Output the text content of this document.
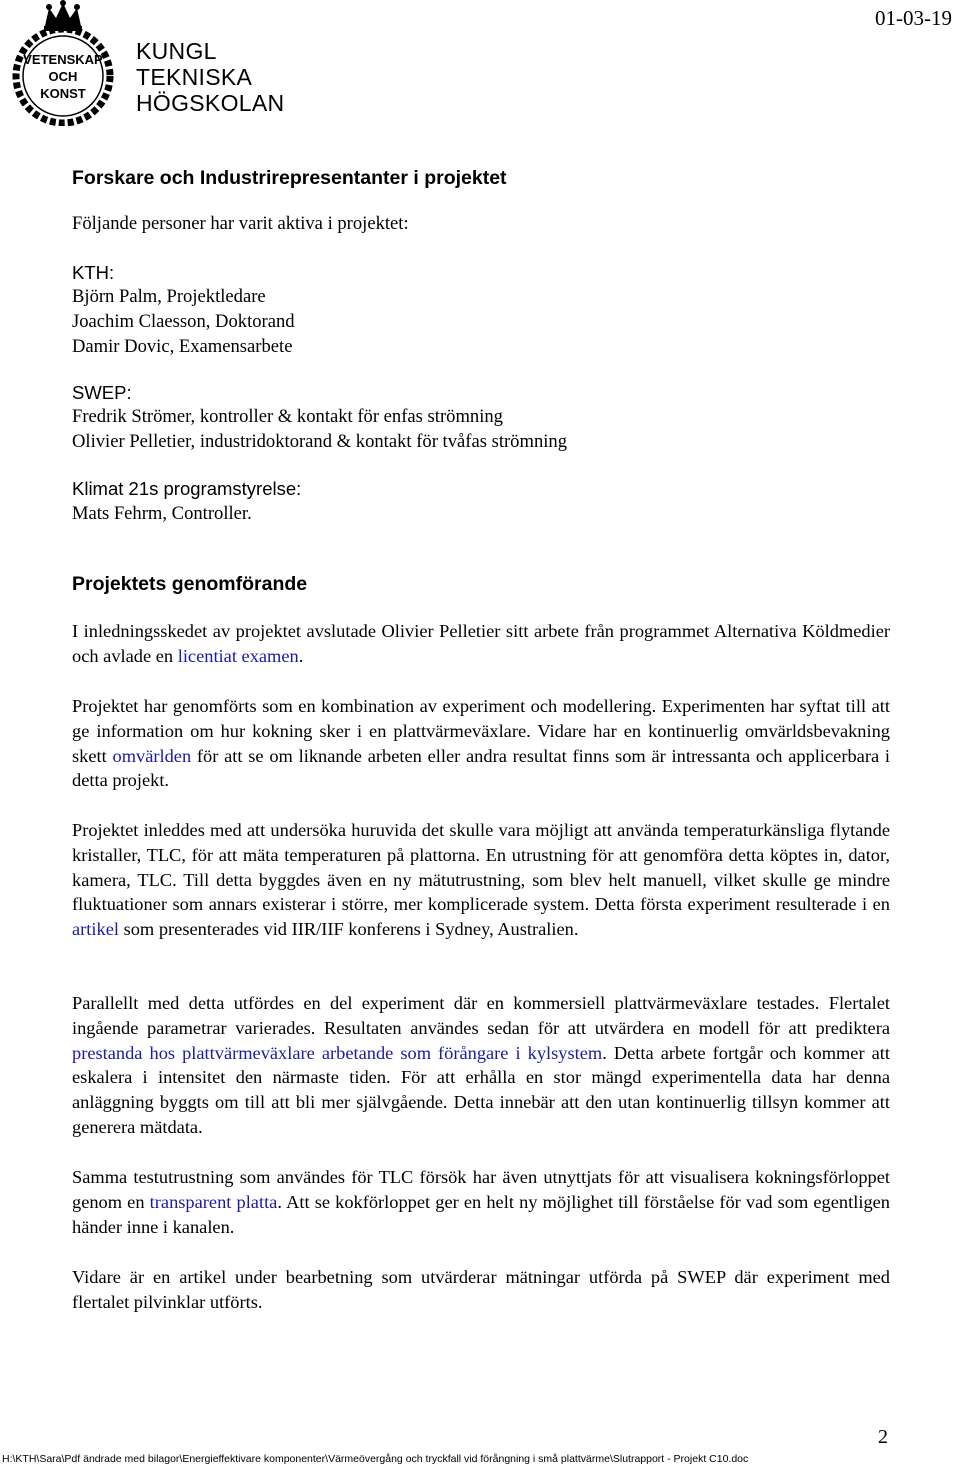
VETENSKAP
OCH
KONST
KUNGL
TEKNISKA
HÖGSKOLAN
01-03-19
Forskare och Industrirepresentanter i projektet
Följande personer har varit aktiva i projektet:
KTH:
Björn Palm, Projektledare
Joachim Claesson, Doktorand
Damir Dovic, Examensarbete
SWEP:
Fredrik Strömer, kontroller & kontakt för enfas strömning
Olivier Pelletier, industridoktorand & kontakt för tvåfas strömning
Klimat 21s programstyrelse:
Mats Fehrm, Controller.
Projektets genomförande
I inledningsskedet av projektet avslutade Olivier Pelletier sitt arbete från programmet Alternativa Köldmedier och avlade en licentiat examen.
Projektet har genomförts som en kombination av experiment och modellering. Experimenten har syftat till att ge information om hur kokning sker i en plattvärmeväxlare. Vidare har en kontinuerlig omvärldsbevakning skett omvärlden för att se om liknande arbeten eller andra resultat finns som är intressanta och applicerbara i detta projekt.
Projektet inleddes med att undersöka huruvida det skulle vara möjligt att använda temperaturkänsliga flytande kristaller, TLC, för att mäta temperaturen på plattorna. En utrustning för att genomföra detta köptes in, dator, kamera, TLC. Till detta byggdes även en ny mätutrustning, som blev helt manuell, vilket skulle ge mindre fluktuationer som annars existerar i större, mer komplicerade system. Detta första experiment resulterade i en artikel som presenterades vid IIR/IIF konferens i Sydney, Australien.
Parallellt med detta utfördes en del experiment där en kommersiell plattvärmeväxlare testades. Flertalet ingående parametrar varierades. Resultaten användes sedan för att utvärdera en modell för att prediktera prestanda hos plattvärmeväxlare arbetande som förångare i kylsystem. Detta arbete fortgår och kommer att eskalera i intensitet den närmaste tiden. För att erhålla en stor mängd experimentella data har denna anläggning byggts om till att bli mer självgående. Detta innebär att den utan kontinuerlig tillsyn kommer att generera mätdata.
Samma testutrustning som användes för TLC försök har även utnyttjats för att visualisera kokningsförloppet genom en transparent platta. Att se kokförloppet ger en helt ny möjlighet till förståelse för vad som egentligen händer inne i kanalen.
Vidare är en artikel under bearbetning som utvärderar mätningar utförda på SWEP där experiment med flertalet pilvinklar utförts.
2
H:\KTH\Sara\Pdf ändrade med bilagor\Energieffektivare komponenter\Värmeövergång och tryckfall vid förångning i små plattvärme\Slutrapport - Projekt C10.doc
